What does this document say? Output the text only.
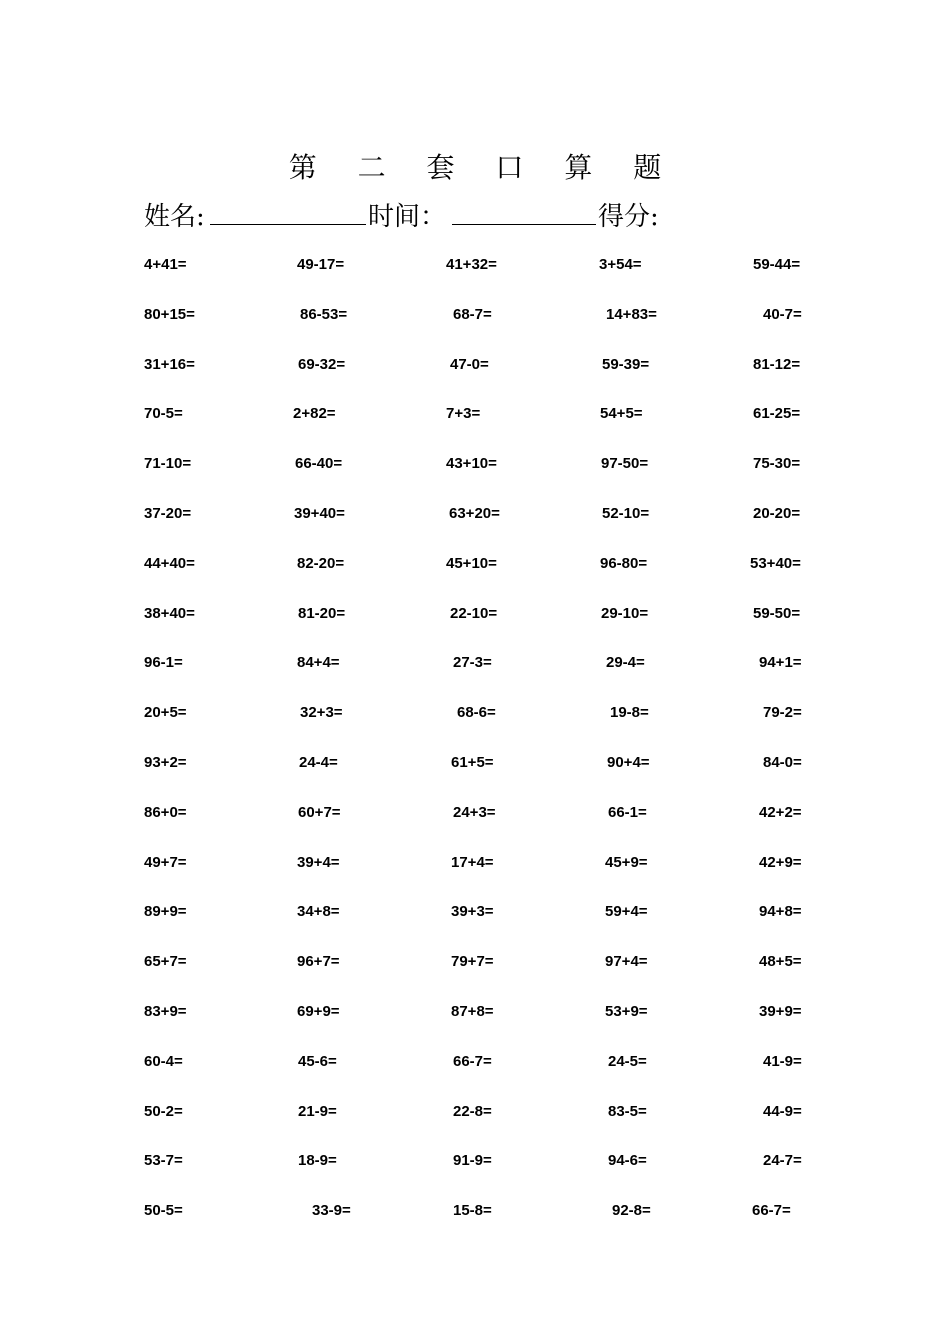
第 二 套 口 算 题
姓名:	时间：	得分:
4+41=	49-17=	41+32=	3+54=	59-44=
80+15=	86-53=	68-7=	14+83=	40-7=
31+16=	69-32=	47-0=	59-39=	81-12=
70-5=	2+82=	7+3=	54+5=	61-25=
71-10=	66-40=	43+10=	97-50=	75-30=
37-20=	39+40=	63+20=	52-10=	20-20=
44+40=	82-20=	45+10=	96-80=	53+40=
38+40=	81-20=	22-10=	29-10=	59-50=
96-1=	84+4=	27-3=	29-4=	94+1=
20+5=	32+3=	68-6=	19-8=	79-2=
93+2=	24-4=	61+5=	90+4=	84-0=
86+0=	60+7=	24+3=	66-1=	42+2=
49+7=	39+4=	17+4=	45+9=	42+9=
89+9=	34+8=	39+3=	59+4=	94+8=
65+7=	96+7=	79+7=	97+4=	48+5=
83+9=	69+9=	87+8=	53+9=	39+9=
60-4=	45-6=	66-7=	24-5=	41-9=
50-2=	21-9=	22-8=	83-5=	44-9=
53-7=	18-9=	91-9=	94-6=	24-7=
50-5=	33-9=	15-8=	92-8=	66-7=
